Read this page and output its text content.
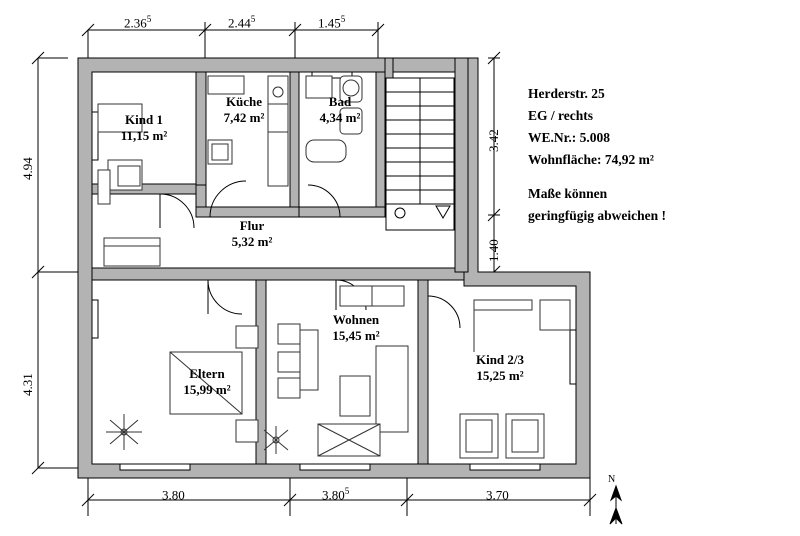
Kind 1
11,15 m²
Küche
7,42 m²
Bad
4,34 m²
Flur
5,32 m²
Wohnen
15,45 m²
Eltern
15,99 m²
Kind 2/3
15,25 m²
2.36$^5$	2.44$^5$	1.45$^5$
4.94
4.31
3.42
1.40
3.80	3.80$^5$	3.70
N
Herderstr. 25
EG / rechts
WE.Nr.: 5.008
Wohnfläche: 74,92 m²
Maße können
geringfügig abweichen !
